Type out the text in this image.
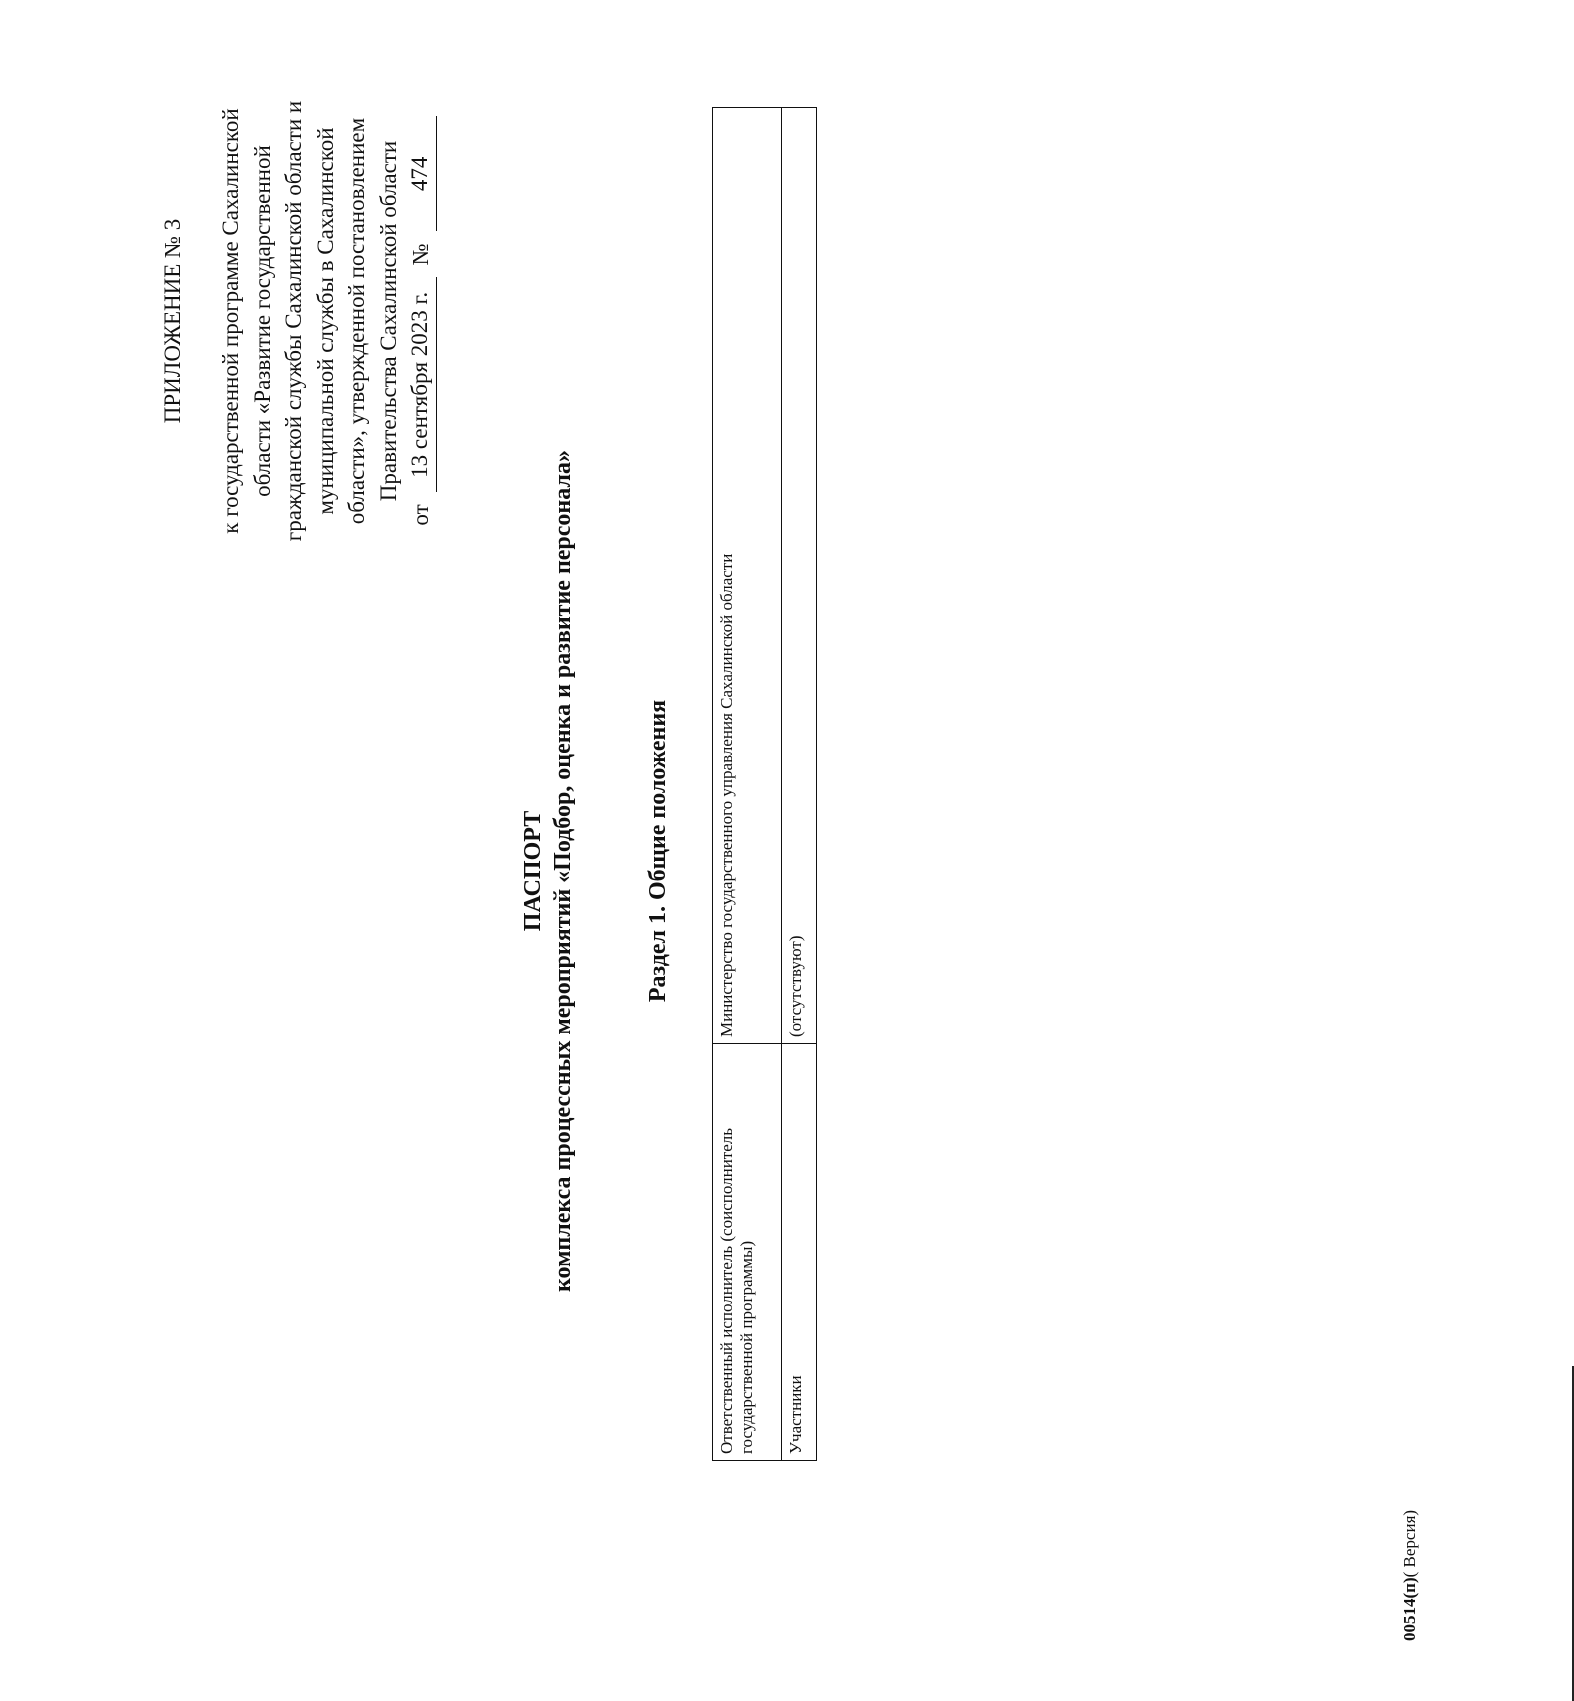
ПРИЛОЖЕНИЕ № 3 к государственной программе Сахалинской области «Развитие государственной гражданской службы Сахалинской области и муниципальной службы в Сахалинской области», утвержденной постановлением Правительства Сахалинской области
от
13 сентября 2023 г.
№
474
ПАСПОРТ комплекса процессных мероприятий «Подбор, оценка и развитие персонала»	Раздел 1. Общие положения
Ответственный исполнитель (соисполнитель государственной программы)	Министерство государственного управления Сахалинской области
Участники	(отсутствуют)
00514(п)( Версия)
